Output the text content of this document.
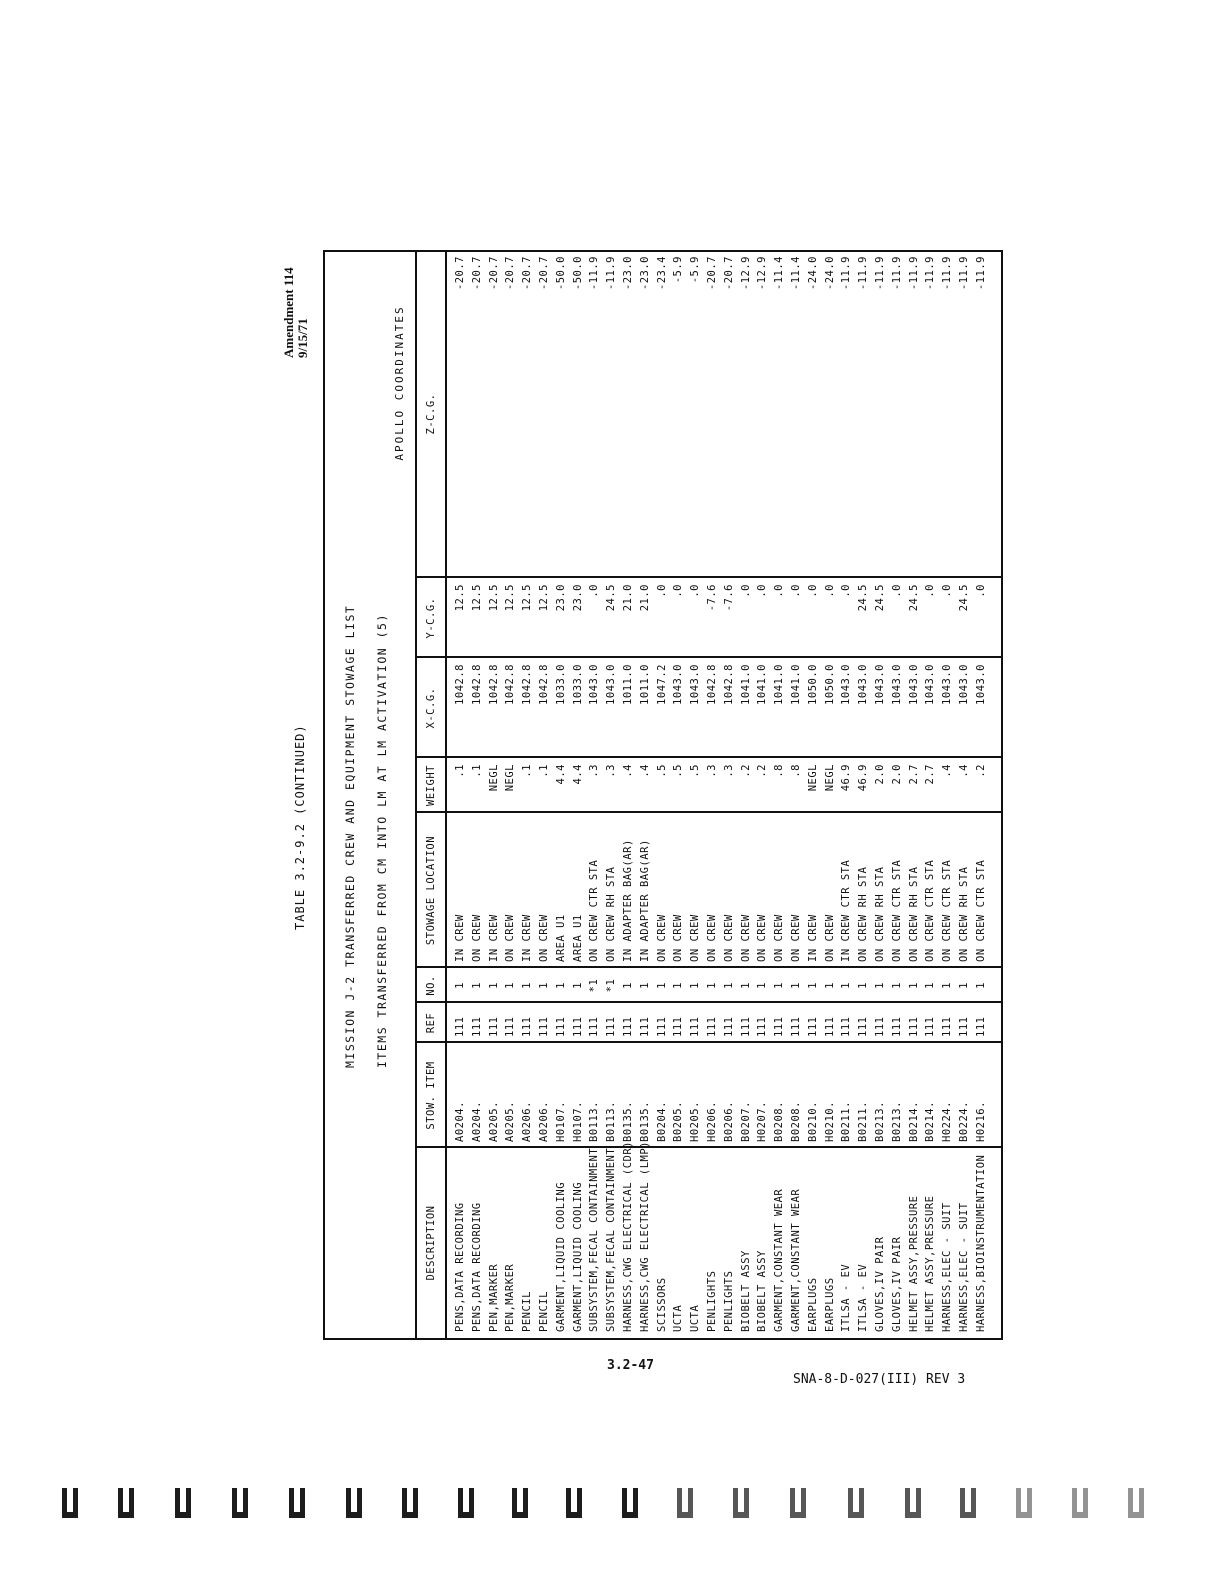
Amendment 114 9/15/71
TABLE 3.2-9.2 (CONTINUED)	MISSION J-2 TRANSFERRED CREW AND EQUIPMENT STOWAGE LIST ITEMS TRANSFERRED FROM CM INTO LM AT LM ACTIVATION (5)
APOLLO COORDINATES
DESCRIPTION
STOW. ITEM
REF
NO.
STOWAGE LOCATION
WEIGHT
X-C.G.
Y-C.G.
Z-C.G.
PENS,DATA RECORDING
A0204.
111
1
IN CREW
.1
1042.8
12.5
-20.7
PENS,DATA RECORDING
A0204.
111
1
ON CREW
.1
1042.8
12.5
-20.7
PEN,MARKER
A0205.
111
1
IN CREW
NEGL
1042.8
12.5
-20.7
PEN,MARKER
A0205.
111
1
ON CREW
NEGL
1042.8
12.5
-20.7
PENCIL
A0206.
111
1
IN CREW
.1
1042.8
12.5
-20.7
PENCIL
A0206.
111
1
ON CREW
.1
1042.8
12.5
-20.7
GARMENT,LIQUID COOLING
H0107.
111
1
AREA U1
4.4
1033.0
23.0
-50.0
GARMENT,LIQUID COOLING
H0107.
111
1
AREA U1
4.4
1033.0
23.0
-50.0
SUBSYSTEM,FECAL CONTAINMENT
B0113.
111
*1
ON CREW CTR STA
.3
1043.0
.0
-11.9
SUBSYSTEM,FECAL CONTAINMENT
B0113.
111
*1
ON CREW RH STA
.3
1043.0
24.5
-11.9
HARNESS,CWG ELECTRICAL (CDR)
B0135.
111
1
IN ADAPTER BAG(AR)
.4
1011.0
21.0
-23.0
HARNESS,CWG ELECTRICAL (LMP)
B0135.
111
1
IN ADAPTER BAG(AR)
.4
1011.0
21.0
-23.0
SCISSORS
B0204.
111
1
ON CREW
.5
1047.2
.0
-23.4
UCTA
B0205.
111
1
ON CREW
.5
1043.0
.0
-5.9
UCTA
H0205.
111
1
ON CREW
.5
1043.0
.0
-5.9
PENLIGHTS
H0206.
111
1
ON CREW
.3
1042.8
-7.6
-20.7
PENLIGHTS
B0206.
111
1
ON CREW
.3
1042.8
-7.6
-20.7
BIOBELT ASSY
B0207.
111
1
ON CREW
.2
1041.0
.0
-12.9
BIOBELT ASSY
H0207.
111
1
ON CREW
.2
1041.0
.0
-12.9
GARMENT,CONSTANT WEAR
B0208.
111
1
ON CREW
.8
1041.0
.0
-11.4
GARMENT,CONSTANT WEAR
B0208.
111
1
ON CREW
.8
1041.0
.0
-11.4
EARPLUGS
B0210.
111
1
IN CREW
NEGL
1050.0
.0
-24.0
EARPLUGS
H0210.
111
1
ON CREW
NEGL
1050.0
.0
-24.0
ITLSA - EV
B0211.
111
1
IN CREW CTR STA
46.9
1043.0
.0
-11.9
ITLSA - EV
B0211.
111
1
ON CREW RH STA
46.9
1043.0
24.5
-11.9
GLOVES,IV PAIR
B0213.
111
1
ON CREW RH STA
2.0
1043.0
24.5
-11.9
GLOVES,IV PAIR
B0213.
111
1
ON CREW CTR STA
2.0
1043.0
.0
-11.9
HELMET ASSY,PRESSURE
B0214.
111
1
ON CREW RH STA
2.7
1043.0
24.5
-11.9
HELMET ASSY,PRESSURE
B0214.
111
1
ON CREW CTR STA
2.7
1043.0
.0
-11.9
HARNESS,ELEC - SUIT
H0224.
111
1
ON CREW CTR STA
.4
1043.0
.0
-11.9
HARNESS,ELEC - SUIT
B0224.
111
1
ON CREW RH STA
.4
1043.0
24.5
-11.9
HARNESS,BIOINSTRUMENTATION
H0216.
111
1
ON CREW CTR STA
.2
1043.0
.0
-11.9
3.2-47
SNA-8-D-027(III) REV 3
